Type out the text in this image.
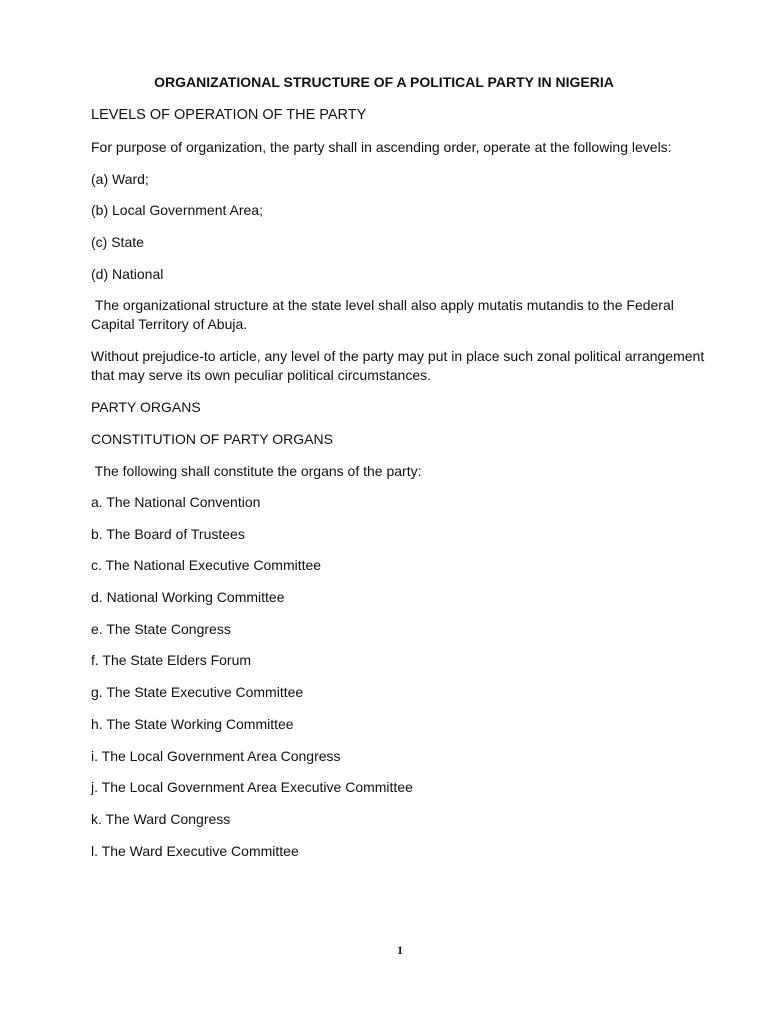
ORGANIZATIONAL STRUCTURE OF A POLITICAL PARTY IN NIGERIA
LEVELS OF OPERATION OF THE PARTY
For purpose of organization, the party shall in ascending order, operate at the following levels:
(a) Ward;
(b) Local Government Area;
(c) State
(d) National
The organizational structure at the state level shall also apply mutatis mutandis to the Federal Capital Territory of Abuja.
Without prejudice-to article, any level of the party may put in place such zonal political arrangement that may serve its own peculiar political circumstances.
PARTY ORGANS
CONSTITUTION OF PARTY ORGANS
The following shall constitute the organs of the party:
a. The National Convention
b. The Board of Trustees
c. The National Executive Committee
d. National Working Committee
e. The State Congress
f. The State Elders Forum
g. The State Executive Committee
h. The State Working Committee
i. The Local Government Area Congress
j. The Local Government Area Executive Committee
k. The Ward Congress
l. The Ward Executive Committee
1
